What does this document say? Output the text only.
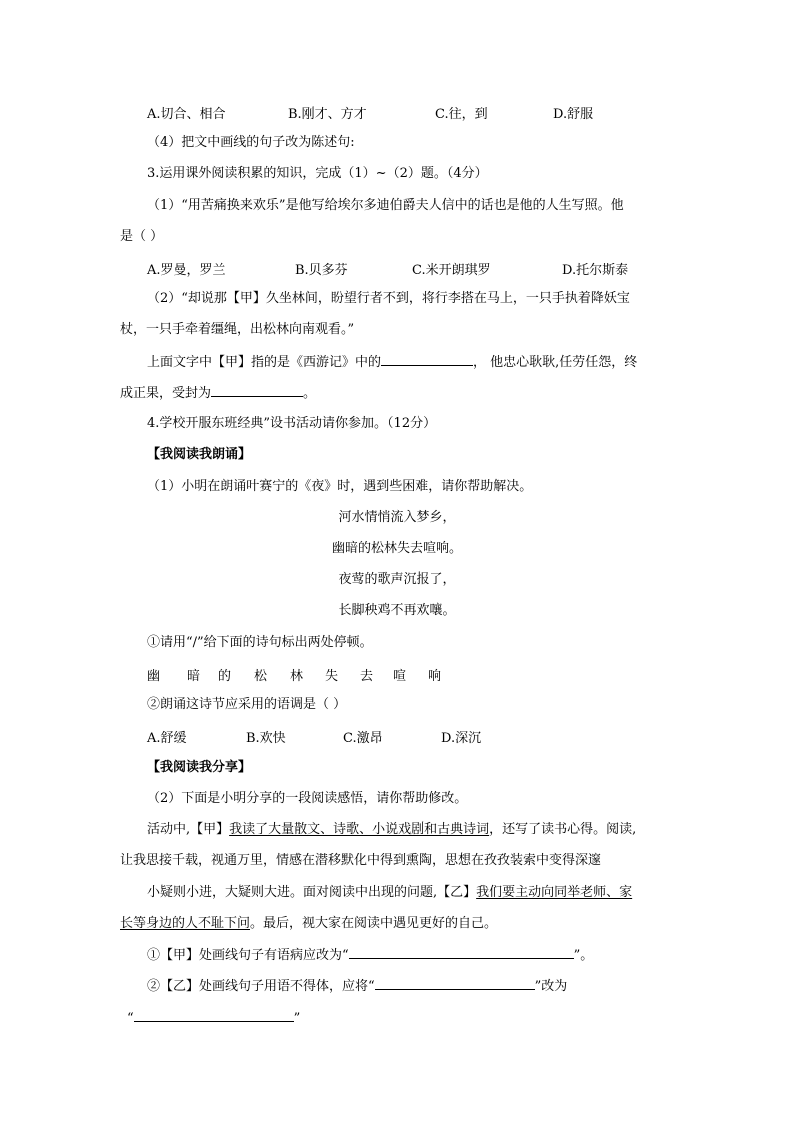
A.切合、相合	B.刚才、方才	C.往，到	D.舒服
（4）把文中画线的句子改为陈述句:
3.运用课外阅读积累的知识，完成（1）~（2）题。（4分）
（1）“用苦痛换来欢乐”是他写给埃尔多迪伯爵夫人信中的话也是他的人生写照。他
是（ ）
A.罗曼，罗兰	B.贝多芬	C.米开朗琪罗	D.托尔斯泰
（2）“却说那【甲】久坐林间，盼望行者不到，将行李搭在马上，一只手执着降妖宝
杖，一只手牵着缰绳，出松林向南观看。”
上面文字中【甲】指的是《西游记》中的	， 他忠心耿耿,任劳任怨，终
成正果，受封为	。
4.学校开服东班经典”设书活动请你参加。（12分）
【我阅读我朗诵】
（1）小明在朗诵叶赛宁的《夜》时，遇到些困难，请你帮助解决。
河水情悄流入梦乡，
幽暗的松林失去喧响。
夜莺的歌声沉报了，
长脚秧鸡不再欢嚷。
①请用“/”给下面的诗句标出两处停顿。
幽 暗 的 松 林 失 去 喧 响
②朗诵这诗节应采用的语调是（ ）
A.舒缓	B.欢快	C.激昂	D.深沉
【我阅读我分享】
（2）下面是小明分享的一段阅读感悟，请你帮助修改。
活动中,【甲】我读了大量散文、诗歌、小说戏剧和古典诗词，还写了读书心得。阅读,
让我思接千载，视通万里，情感在潜移默化中得到熏陶，思想在孜孜装索中变得深邃
小疑则小进，大疑则大进。面对阅读中出现的问题,【乙】我们要主动向同举老师、家
长等身边的人不耻下问。最后，视大家在阅读中遇见更好的自己。
①【甲】处画线句子有语病应改为“	”。
②【乙】处画线句子用语不得体，应将“	”改为
“	”
